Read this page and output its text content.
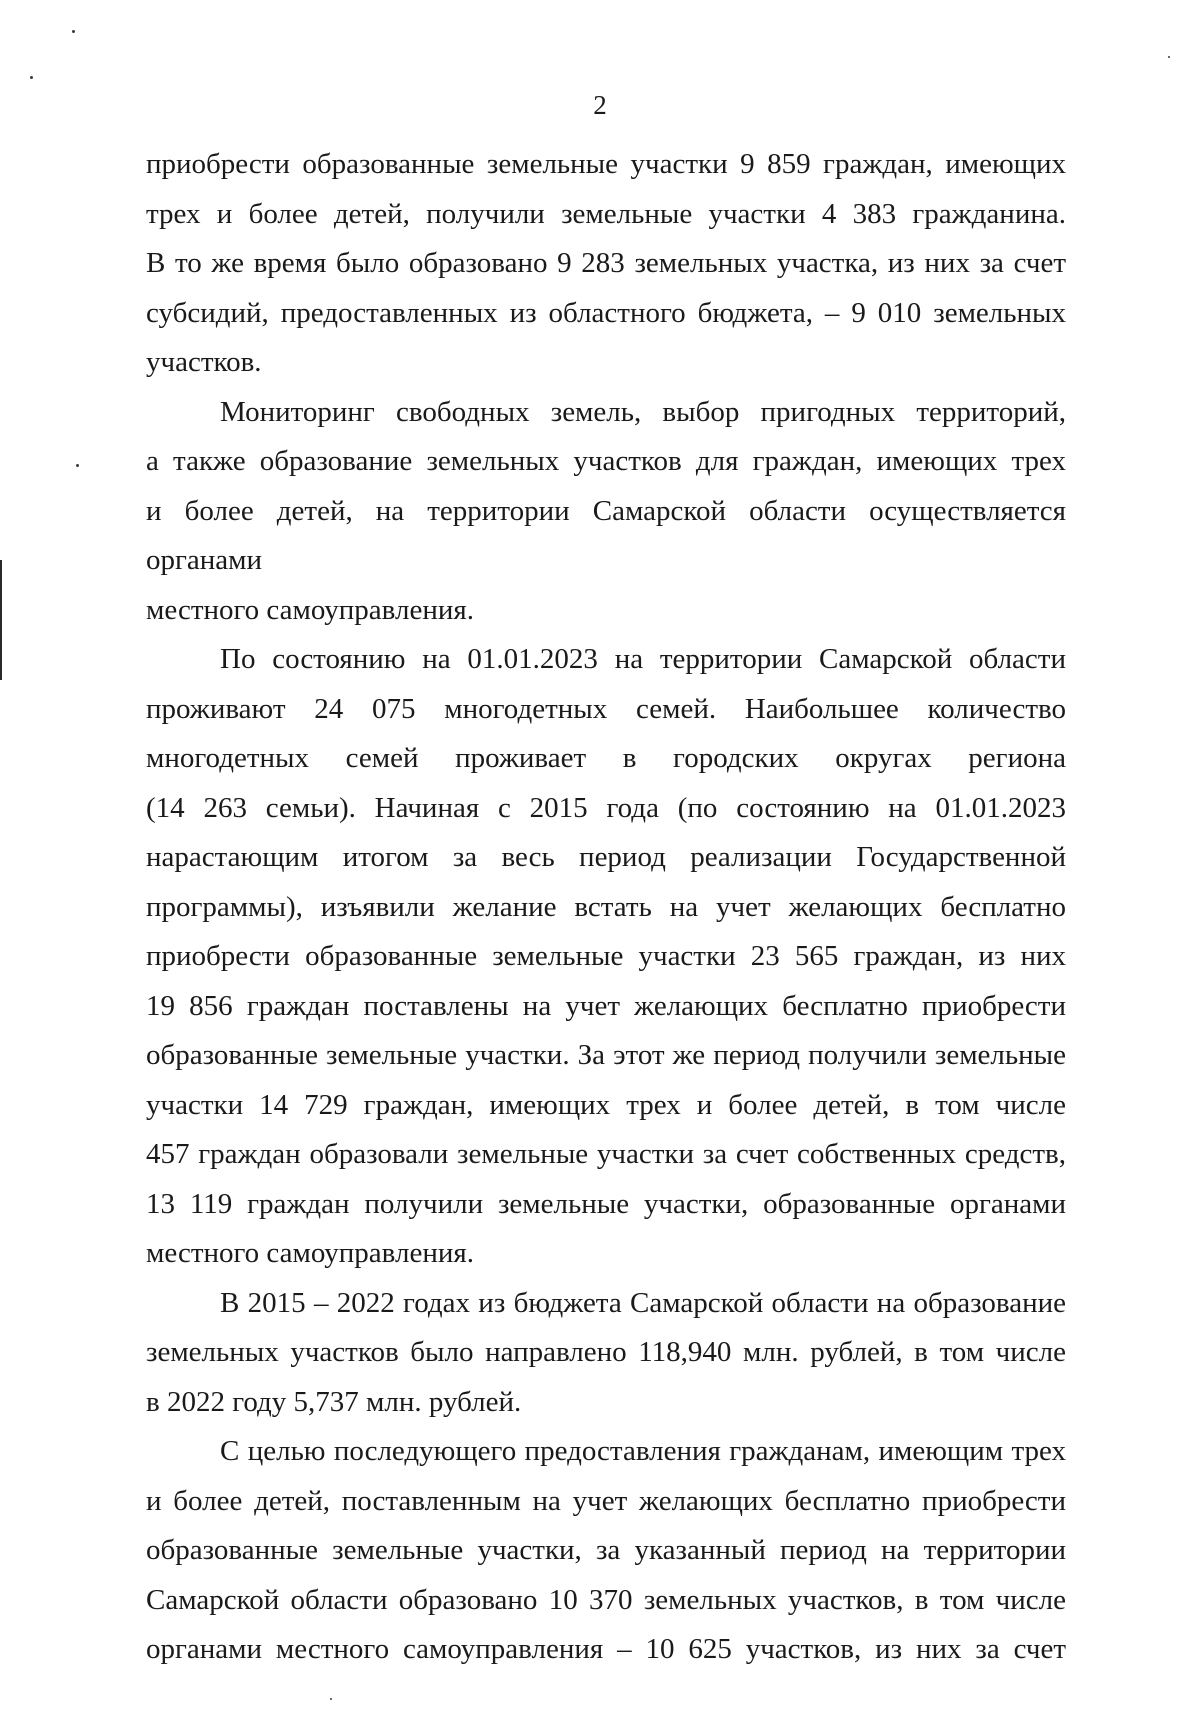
2

приобрести образованные земельные участки 9 859 граждан, имеющих
трех и более детей, получили земельные участки 4 383 гражданина.
В то же время было образовано 9 283 земельных участка, из них за счет
субсидий, предоставленных из областного бюджета, – 9 010 земельных
участков.

Мониторинг свободных земель, выбор пригодных территорий,
а также образование земельных участков для граждан, имеющих трех
и более детей, на территории Самарской области осуществляется органами
местного самоуправления.

По состоянию на 01.01.2023 на территории Самарской области
проживают 24 075 многодетных семей. Наибольшее количество
многодетных семей проживает в городских округах региона
(14 263 семьи). Начиная с 2015 года (по состоянию на 01.01.2023
нарастающим итогом за весь период реализации Государственной
программы), изъявили желание встать на учет желающих бесплатно
приобрести образованные земельные участки 23 565 граждан, из них
19 856 граждан поставлены на учет желающих бесплатно приобрести
образованные земельные участки. За этот же период получили земельные
участки 14 729 граждан, имеющих трех и более детей, в том числе
457 граждан образовали земельные участки за счет собственных средств,
13 119 граждан получили земельные участки, образованные органами
местного самоуправления.

В 2015 – 2022 годах из бюджета Самарской области на образование
земельных участков было направлено 118,940 млн. рублей, в том числе
в 2022 году 5,737 млн. рублей.

С целью последующего предоставления гражданам, имеющим трех
и более детей, поставленным на учет желающих бесплатно приобрести
образованные земельные участки, за указанный период на территории
Самарской области образовано 10 370 земельных участков, в том числе
органами местного самоуправления – 10 625 участков, из них за счет
